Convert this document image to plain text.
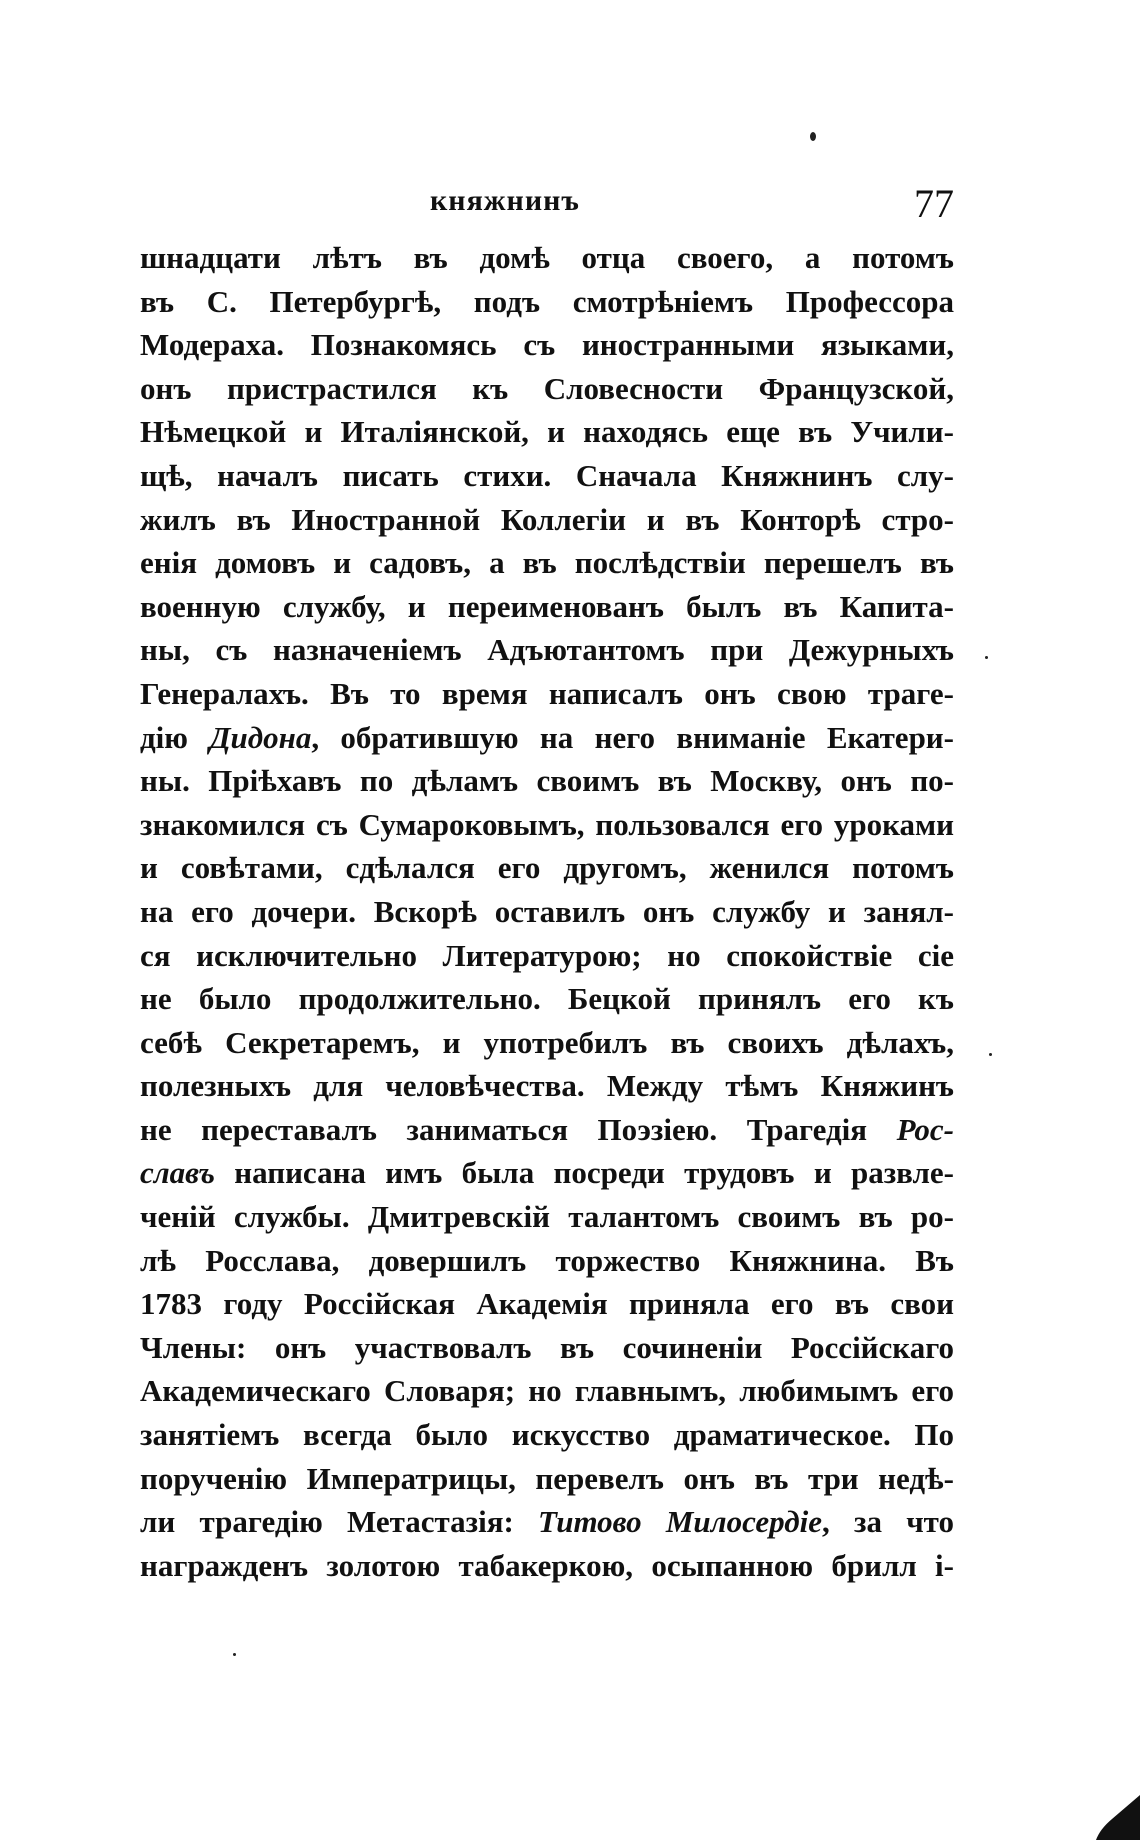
княжнинъ	77
шнадцати лѣтъ въ домѣ отца своего, а потомъ
въ С. Петербургѣ, подъ смотрѣніемъ Профессора
Модераха. Познакомясь съ иностранными языками,
онъ пристрастился къ Словесности Французской,
Нѣмецкой и Италіянской, и находясь еще въ Учили-
щѣ, началъ писать стихи. Сначала Княжнинъ слу-
жилъ въ Иностранной Коллегіи и въ Конторѣ стро-
енія домовъ и садовъ, а въ послѣдствіи перешелъ въ
военную службу, и переименованъ былъ въ Капита-
ны, съ назначеніемъ Адъютантомъ при Дежурныхъ
Генералахъ. Въ то время написалъ онъ свою траге-
дію Дидона, обратившую на него вниманіе Екатери-
ны. Пріѣхавъ по дѣламъ своимъ въ Москву, онъ по-
знакомился съ Сумароковымъ, пользовался его уроками
и совѣтами, сдѣлался его другомъ, женился потомъ
на его дочери. Вскорѣ оставилъ онъ службу и занял-
ся исключительно Литературою; но спокойствіе сіе
не было продолжительно. Бецкой принялъ его къ
себѣ Секретаремъ, и употребилъ въ своихъ дѣлахъ,
полезныхъ для человѣчества. Между тѣмъ Княжинъ
не переставалъ заниматься Поэзіею. Трагедія Рос-
славъ написана имъ была посреди трудовъ и развле-
ченій службы. Дмитревскій талантомъ своимъ въ ро-
лѣ Росслава, довершилъ торжество Княжнина. Въ
1783 году Россійская Академія приняла его въ свои
Члены: онъ участвовалъ въ сочиненіи Россійскаго
Академическаго Словаря; но главнымъ, любимымъ его
занятіемъ всегда было искусство драматическое. По
порученію Императрицы, перевелъ онъ въ три недѣ-
ли трагедію Метастазія: Титово Милосердіе, за что
награжденъ золотою табакеркою, осыпанною брилл і-
